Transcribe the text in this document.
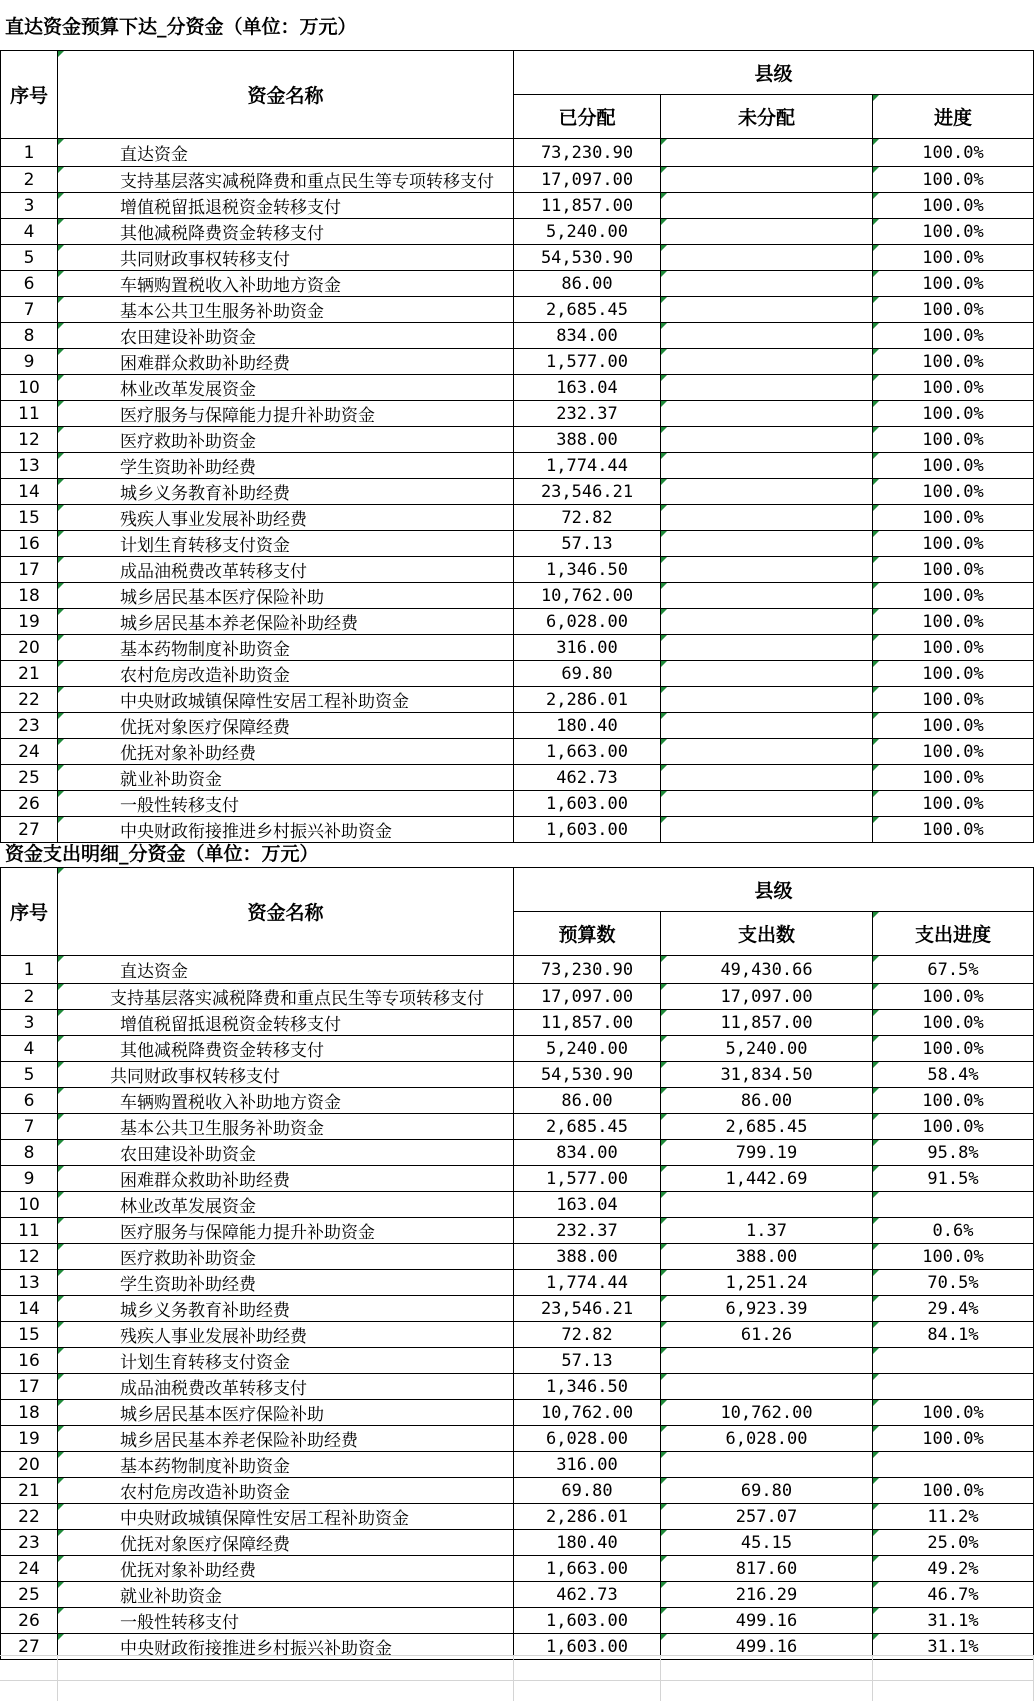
直达资金预算下达_分资金（单位：万元）
序号	资金名称	县级		
		已分配	未分配	进度
1	直达资金	73,230.90		100.0%
2	支持基层落实减税降费和重点民生等专项转移支付	17,097.00		100.0%
3	增值税留抵退税资金转移支付	11,857.00		100.0%
4	其他减税降费资金转移支付	5,240.00		100.0%
5	共同财政事权转移支付	54,530.90		100.0%
6	车辆购置税收入补助地方资金	86.00		100.0%
7	基本公共卫生服务补助资金	2,685.45		100.0%
8	农田建设补助资金	834.00		100.0%
9	困难群众救助补助经费	1,577.00		100.0%
10	林业改革发展资金	163.04		100.0%
11	医疗服务与保障能力提升补助资金	232.37		100.0%
12	医疗救助补助资金	388.00		100.0%
13	学生资助补助经费	1,774.44		100.0%
14	城乡义务教育补助经费	23,546.21		100.0%
15	残疾人事业发展补助经费	72.82		100.0%
16	计划生育转移支付资金	57.13		100.0%
17	成品油税费改革转移支付	1,346.50		100.0%
18	城乡居民基本医疗保险补助	10,762.00		100.0%
19	城乡居民基本养老保险补助经费	6,028.00		100.0%
20	基本药物制度补助资金	316.00		100.0%
21	农村危房改造补助资金	69.80		100.0%
22	中央财政城镇保障性安居工程补助资金	2,286.01		100.0%
23	优抚对象医疗保障经费	180.40		100.0%
24	优抚对象补助经费	1,663.00		100.0%
25	就业补助资金	462.73		100.0%
26	一般性转移支付	1,603.00		100.0%
27	中央财政衔接推进乡村振兴补助资金	1,603.00		100.0%
资金支出明细_分资金（单位：万元）
序号	资金名称	县级		
		预算数	支出数	支出进度
1	直达资金	73,230.90	49,430.66	67.5%
2	支持基层落实减税降费和重点民生等专项转移支付	17,097.00	17,097.00	100.0%
3	增值税留抵退税资金转移支付	11,857.00	11,857.00	100.0%
4	其他减税降费资金转移支付	5,240.00	5,240.00	100.0%
5	共同财政事权转移支付	54,530.90	31,834.50	58.4%
6	车辆购置税收入补助地方资金	86.00	86.00	100.0%
7	基本公共卫生服务补助资金	2,685.45	2,685.45	100.0%
8	农田建设补助资金	834.00	799.19	95.8%
9	困难群众救助补助经费	1,577.00	1,442.69	91.5%
10	林业改革发展资金	163.04		
11	医疗服务与保障能力提升补助资金	232.37	1.37	0.6%
12	医疗救助补助资金	388.00	388.00	100.0%
13	学生资助补助经费	1,774.44	1,251.24	70.5%
14	城乡义务教育补助经费	23,546.21	6,923.39	29.4%
15	残疾人事业发展补助经费	72.82	61.26	84.1%
16	计划生育转移支付资金	57.13		
17	成品油税费改革转移支付	1,346.50		
18	城乡居民基本医疗保险补助	10,762.00	10,762.00	100.0%
19	城乡居民基本养老保险补助经费	6,028.00	6,028.00	100.0%
20	基本药物制度补助资金	316.00		
21	农村危房改造补助资金	69.80	69.80	100.0%
22	中央财政城镇保障性安居工程补助资金	2,286.01	257.07	11.2%
23	优抚对象医疗保障经费	180.40	45.15	25.0%
24	优抚对象补助经费	1,663.00	817.60	49.2%
25	就业补助资金	462.73	216.29	46.7%
26	一般性转移支付	1,603.00	499.16	31.1%
27	中央财政衔接推进乡村振兴补助资金	1,603.00	499.16	31.1%
